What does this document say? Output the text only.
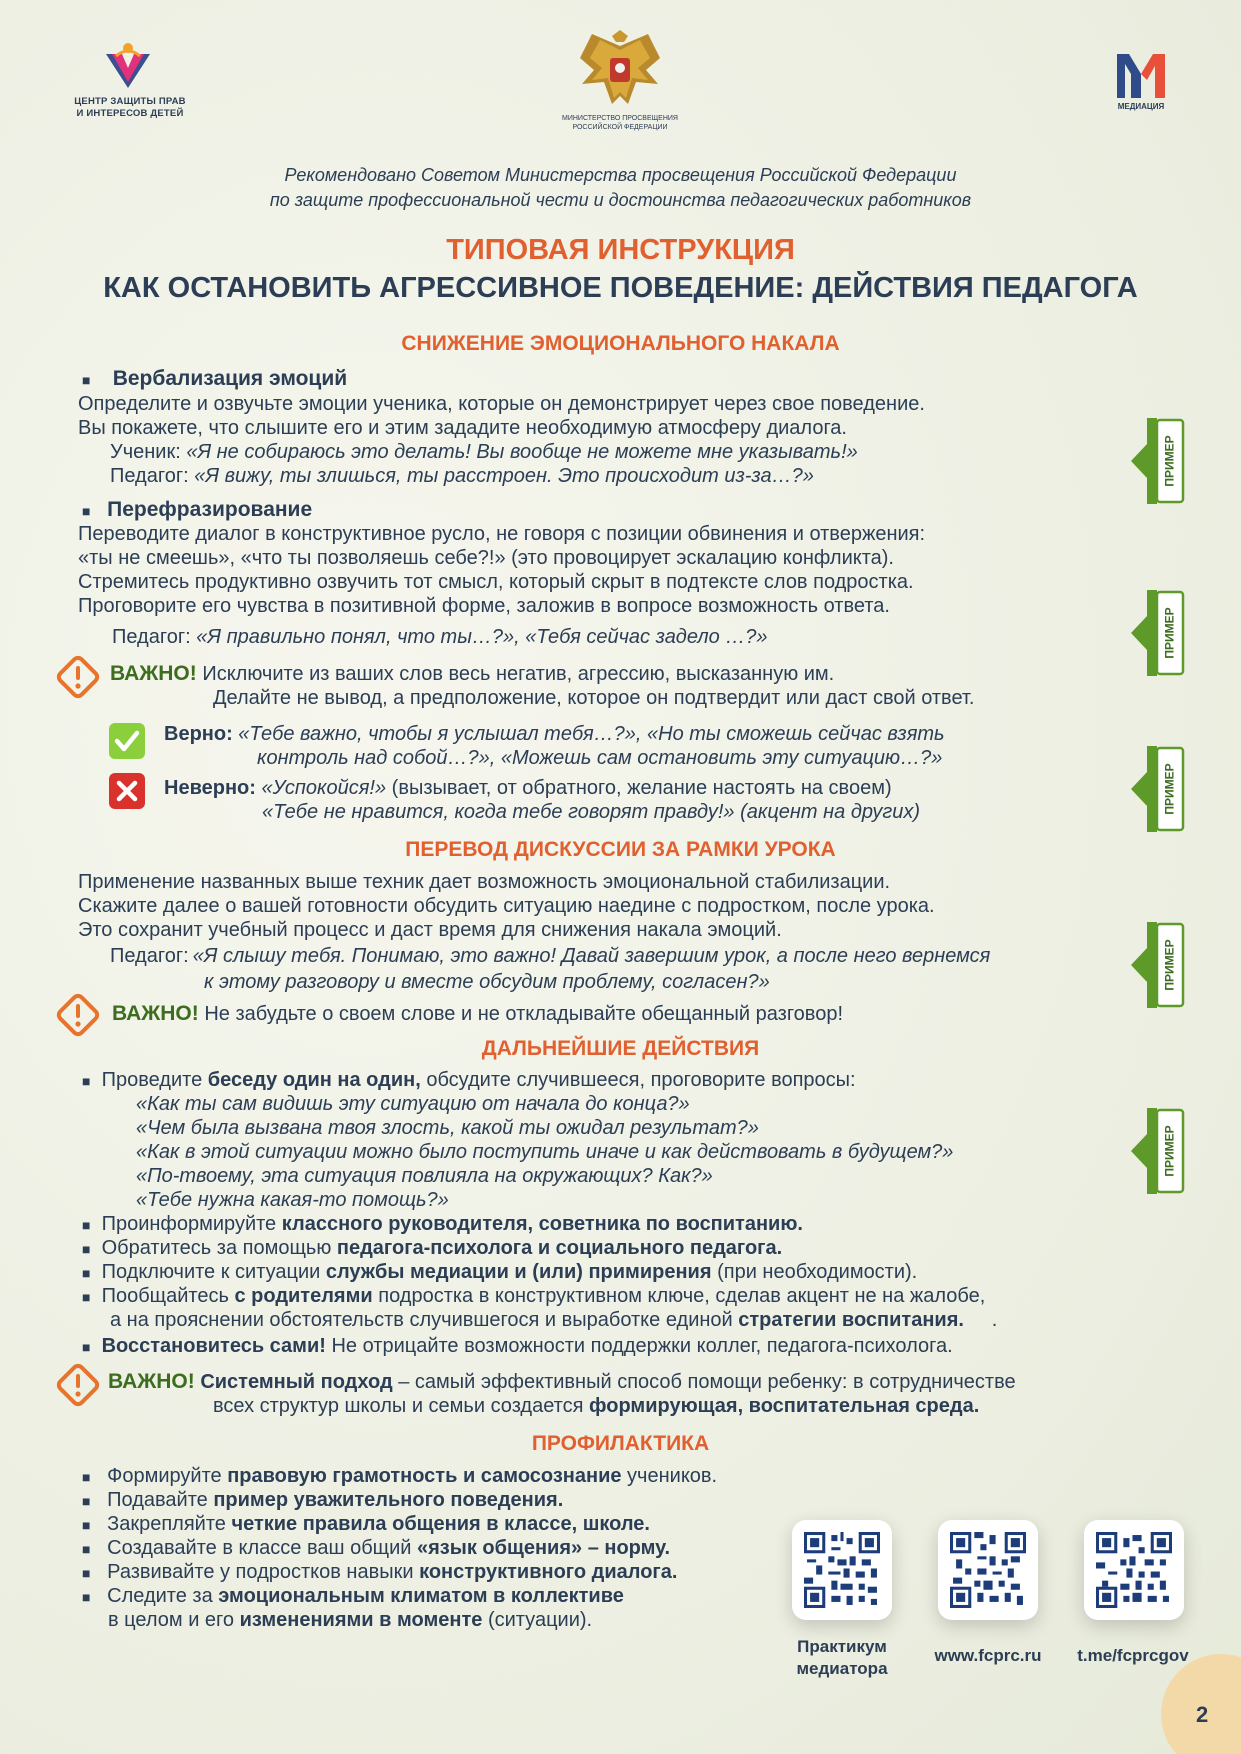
ЦЕНТР ЗАЩИТЫ ПРАВ
И ИНТЕРЕСОВ ДЕТЕЙ	МИНИСТЕРСТВО ПРОСВЕЩЕНИЯ
РОССИЙСКОЙ ФЕДЕРАЦИИ
МЕДИАЦИЯ
Рекомендовано Советом Министерства просвещения Российской Федерации
по защите профессиональной чести и достоинства педагогических работников
ТИПОВАЯ ИНСТРУКЦИЯ
КАК ОСТАНОВИТЬ АГРЕССИВНОЕ ПОВЕДЕНИЕ: ДЕЙСТВИЯ ПЕДАГОГА
СНИЖЕНИЕ ЭМОЦИОНАЛЬНОГО НАКАЛА
■ Вербализация эмоций
Определите и озвучьте эмоции ученика, которые он демонстрирует через свое поведение.
Вы покажете, что слышите его и этим зададите необходимую атмосферу диалога.
Ученик: «Я не собираюсь это делать! Вы вообще не можете мне указывать!»
Педагог: «Я вижу, ты злишься, ты расстроен. Это происходит из-за…?»
■ Перефразирование
Переводите диалог в конструктивное русло, не говоря с позиции обвинения и отвержения:
«ты не смеешь», «что ты позволяешь себе?!» (это провоцирует эскалацию конфликта).
Стремитесь продуктивно озвучить тот смысл, который скрыт в подтексте слов подростка.
Проговорите его чувства в позитивной форме, заложив в вопросе возможность ответа.
Педагог: «Я правильно понял, что ты…?», «Тебя сейчас задело …?»
ВАЖНО! Исключите из ваших слов весь негатив, агрессию, высказанную им.
Делайте не вывод, а предположение, которое он подтвердит или даст свой ответ.
Верно: «Тебе важно, чтобы я услышал тебя…?», «Но ты сможешь сейчас взять
контроль над собой…?», «Можешь сам остановить эту ситуацию…?»
Неверно: «Успокойся!» (вызывает, от обратного, желание настоять на своем)
«Тебе не нравится, когда тебе говорят правду!» (акцент на других)
ПЕРЕВОД ДИСКУССИИ ЗА РАМКИ УРОКА
Применение названных выше техник дает возможность эмоциональной стабилизации.
Скажите далее о вашей готовности обсудить ситуацию наедине с подростком, после урока.
Это сохранит учебный процесс и даст время для снижения накала эмоций.
Педагог: «Я слышу тебя. Понимаю, это важно! Давай завершим урок, а после него вернемся
к этому разговору и вместе обсудим проблему, согласен?»
ВАЖНО! Не забудьте о своем слове и не откладывайте обещанный разговор!
ДАЛЬНЕЙШИЕ ДЕЙСТВИЯ
■ Проведите беседу один на один, обсудите случившееся, проговорите вопросы:
«Как ты сам видишь эту ситуацию от начала до конца?»
«Чем была вызвана твоя злость, какой ты ожидал результат?»
«Как в этой ситуации можно было поступить иначе и как действовать в будущем?»
«По-твоему, эта ситуация повлияла на окружающих? Как?»
«Тебе нужна какая-то помощь?»
■ Проинформируйте классного руководителя, советника по воспитанию.
■ Обратитесь за помощью педагога-психолога и социального педагога.
■ Подключите к ситуации службы медиации и (или) примирения (при необходимости).
■ Пообщайтесь с родителями подростка в конструктивном ключе, сделав акцент не на жалобе,
а на прояснении обстоятельств случившегося и выработке единой стратегии воспитания.     .
■ Восстановитесь сами! Не отрицайте возможности поддержки коллег, педагога-психолога.
ВАЖНО! Системный подход – самый эффективный способ помощи ребенку: в сотрудничестве
всех структур школы и семьи создается формирующая, воспитательная среда.
ПРОФИЛАКТИКА
■ Формируйте правовую грамотность и самосознание учеников.
■ Подавайте пример уважительного поведения.
■ Закрепляйте четкие правила общения в классе, школе.
■ Создавайте в классе ваш общий «язык общения» – норму.
■ Развивайте у подростков навыки конструктивного диалога.
■ Следите за эмоциональным климатом в коллективе
в целом и его изменениями в моменте (ситуации).
ПРИМЕР
ПРИМЕР
ПРИМЕР
ПРИМЕР
ПРИМЕР
Практикум
медиатора
www.fcprc.ru	t.me/fcprcgov
2
